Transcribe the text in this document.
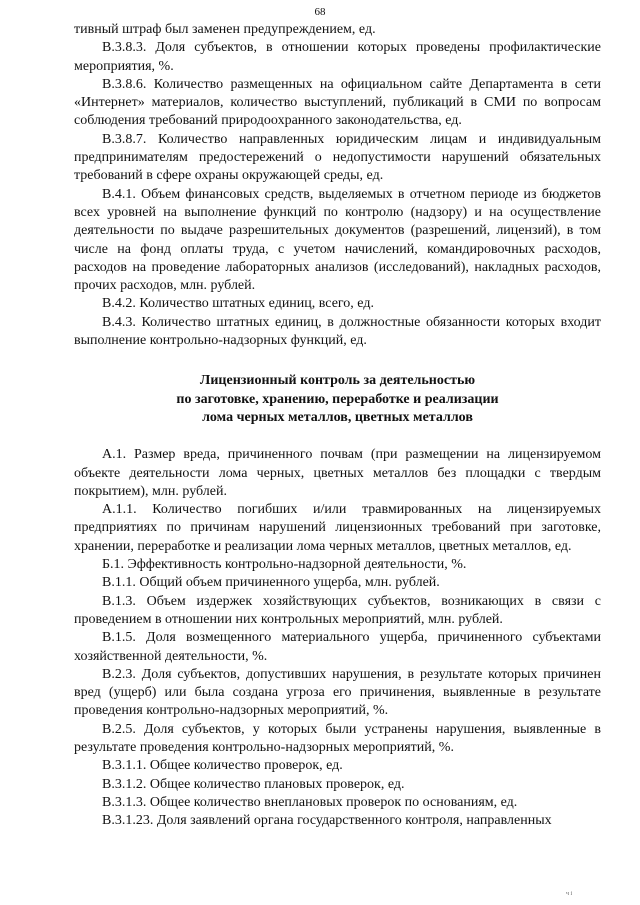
68

тивный штраф был заменен предупреждением, ед.

В.3.8.3. Доля субъектов, в отношении которых проведены профилактические мероприятия, %.

В.3.8.6. Количество размещенных на официальном сайте Департамента в сети «Интернет» материалов, количество выступлений, публикаций в СМИ по вопросам соблюдения требований природоохранного законодательства, ед.

В.3.8.7. Количество направленных юридическим лицам и индивидуальным предпринимателям предостережений о недопустимости нарушений обязательных требований в сфере охраны окружающей среды, ед.

В.4.1. Объем финансовых средств, выделяемых в отчетном периоде из бюджетов всех уровней на выполнение функций по контролю (надзору) и на осуществление деятельности по выдаче разрешительных документов (разрешений, лицензий), в том числе на фонд оплаты труда, с учетом начислений, командировочных расходов, расходов на проведение лабораторных анализов (исследований), накладных расходов, прочих расходов, млн. рублей.

В.4.2. Количество штатных единиц, всего, ед.

В.4.3. Количество штатных единиц, в должностные обязанности которых входит выполнение контрольно-надзорных функций, ед.

Лицензионный контроль за деятельностью
по заготовке, хранению, переработке и реализации
лома черных металлов, цветных металлов

А.1. Размер вреда, причиненного почвам (при размещении на лицензируемом объекте деятельности лома черных, цветных металлов без площадки с твердым покрытием), млн. рублей.

А.1.1. Количество погибших и/или травмированных на лицензируемых предприятиях по причинам нарушений лицензионных требований при заготовке, хранении, переработке и реализации лома черных металлов, цветных металлов, ед.

Б.1. Эффективность контрольно-надзорной деятельности, %.

В.1.1. Общий объем причиненного ущерба, млн. рублей.

В.1.3. Объем издержек хозяйствующих субъектов, возникающих в связи с проведением в отношении них контрольных мероприятий, млн. рублей.

В.1.5. Доля возмещенного материального ущерба, причиненного субъектами хозяйственной деятельности, %.

В.2.3. Доля субъектов, допустивших нарушения, в результате которых причинен вред (ущерб) или была создана угроза его причинения, выявленные в результате проведения контрольно-надзорных мероприятий, %.

В.2.5. Доля субъектов, у которых были устранены нарушения, выявленные в результате проведения контрольно-надзорных мероприятий, %.

В.3.1.1. Общее количество проверок, ед.

В.3.1.2. Общее количество плановых проверок, ед.

В.3.1.3. Общее количество внеплановых проверок по основаниям, ед.

В.3.1.23. Доля заявлений органа государственного контроля, направленных

ч і
